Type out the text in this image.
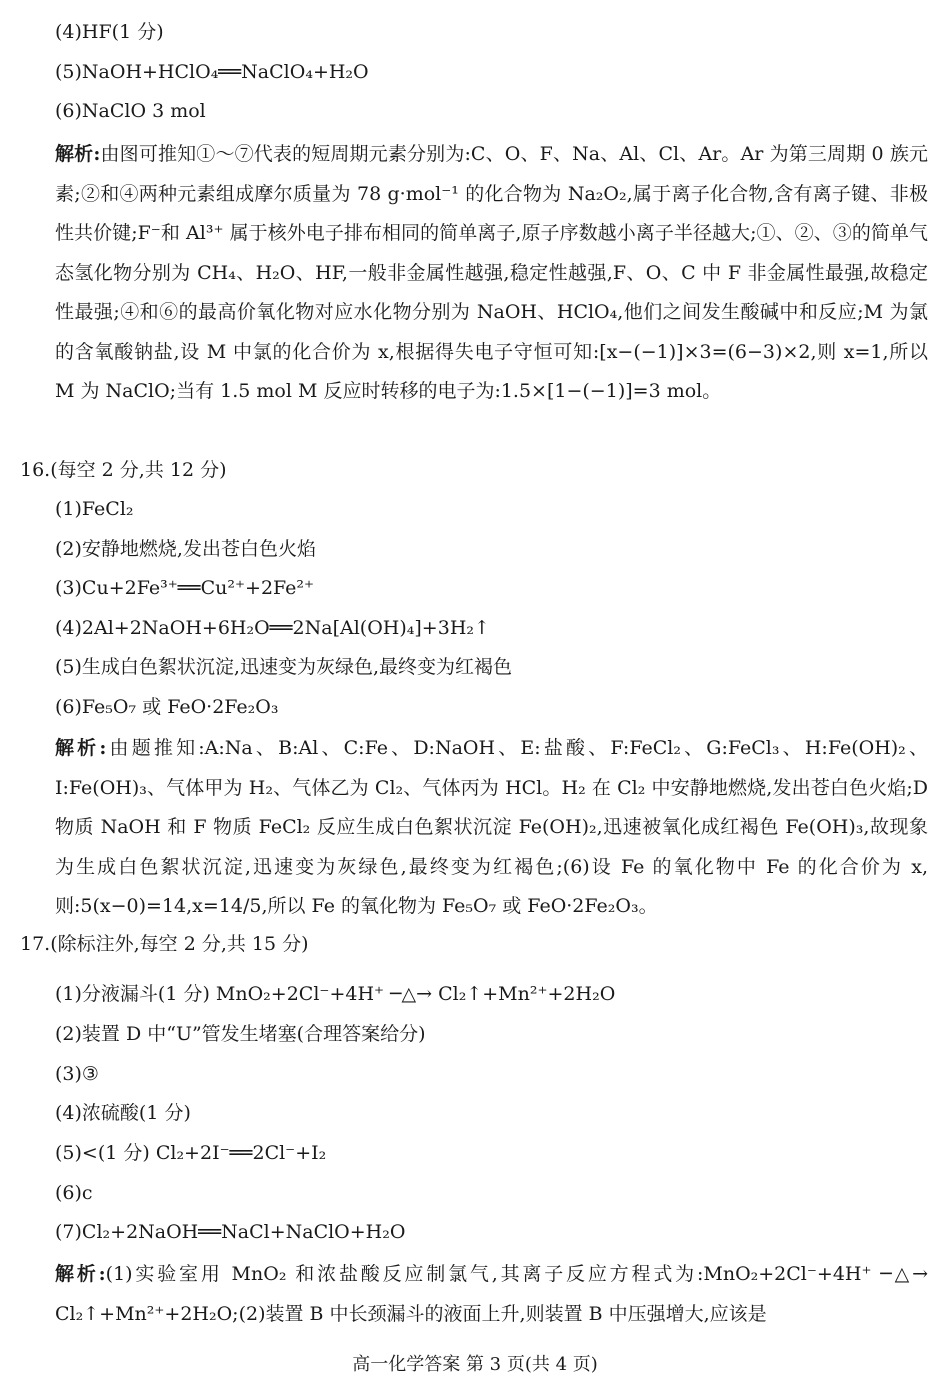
(4)HF(1 分)
(5)NaOH+HClO₄══NaClO₄+H₂O
(6)NaClO 3 mol
解析:由图可推知①～⑦代表的短周期元素分别为:C、O、F、Na、Al、Cl、Ar。Ar 为第三周期 0 族元素;②和④两种元素组成摩尔质量为 78 g·mol⁻¹ 的化合物为 Na₂O₂,属于离子化合物,含有离子键、非极性共价键;F⁻和 Al³⁺ 属于核外电子排布相同的简单离子,原子序数越小离子半径越大;①、②、③的简单气态氢化物分别为 CH₄、H₂O、HF,一般非金属性越强,稳定性越强,F、O、C 中 F 非金属性最强,故稳定性最强;④和⑥的最高价氧化物对应水化物分别为 NaOH、HClO₄,他们之间发生酸碱中和反应;M 为氯的含氧酸钠盐,设 M 中氯的化合价为 x,根据得失电子守恒可知:[x−(−1)]×3=(6−3)×2,则 x=1,所以 M 为 NaClO;当有 1.5 mol M 反应时转移的电子为:1.5×[1−(−1)]=3 mol。
16.(每空 2 分,共 12 分)
(1)FeCl₂
(2)安静地燃烧,发出苍白色火焰
(3)Cu+2Fe³⁺══Cu²⁺+2Fe²⁺
(4)2Al+2NaOH+6H₂O══2Na[Al(OH)₄]+3H₂↑
(5)生成白色絮状沉淀,迅速变为灰绿色,最终变为红褐色
(6)Fe₅O₇ 或 FeO·2Fe₂O₃
解析:由题推知:A:Na、B:Al、C:Fe、D:NaOH、E:盐酸、F:FeCl₂、G:FeCl₃、H:Fe(OH)₂、I:Fe(OH)₃、气体甲为 H₂、气体乙为 Cl₂、气体丙为 HCl。H₂ 在 Cl₂ 中安静地燃烧,发出苍白色火焰;D 物质 NaOH 和 F 物质 FeCl₂ 反应生成白色絮状沉淀 Fe(OH)₂,迅速被氧化成红褐色 Fe(OH)₃,故现象为生成白色絮状沉淀,迅速变为灰绿色,最终变为红褐色;(6)设 Fe 的氧化物中 Fe 的化合价为 x,则:5(x−0)=14,x=14/5,所以 Fe 的氧化物为 Fe₅O₇ 或 FeO·2Fe₂O₃。
17.(除标注外,每空 2 分,共 15 分)
(1)分液漏斗(1 分) MnO₂+2Cl⁻+4H⁺ ─△→ Cl₂↑+Mn²⁺+2H₂O
(2)装置 D 中“U”管发生堵塞(合理答案给分)
(3)③
(4)浓硫酸(1 分)
(5)<(1 分) Cl₂+2I⁻══2Cl⁻+I₂
(6)c
(7)Cl₂+2NaOH══NaCl+NaClO+H₂O
解析:(1)实验室用 MnO₂ 和浓盐酸反应制氯气,其离子反应方程式为:MnO₂+2Cl⁻+4H⁺ ─△→ Cl₂↑+Mn²⁺+2H₂O;(2)装置 B 中长颈漏斗的液面上升,则装置 B 中压强增大,应该是
高一化学答案 第 3 页(共 4 页)
